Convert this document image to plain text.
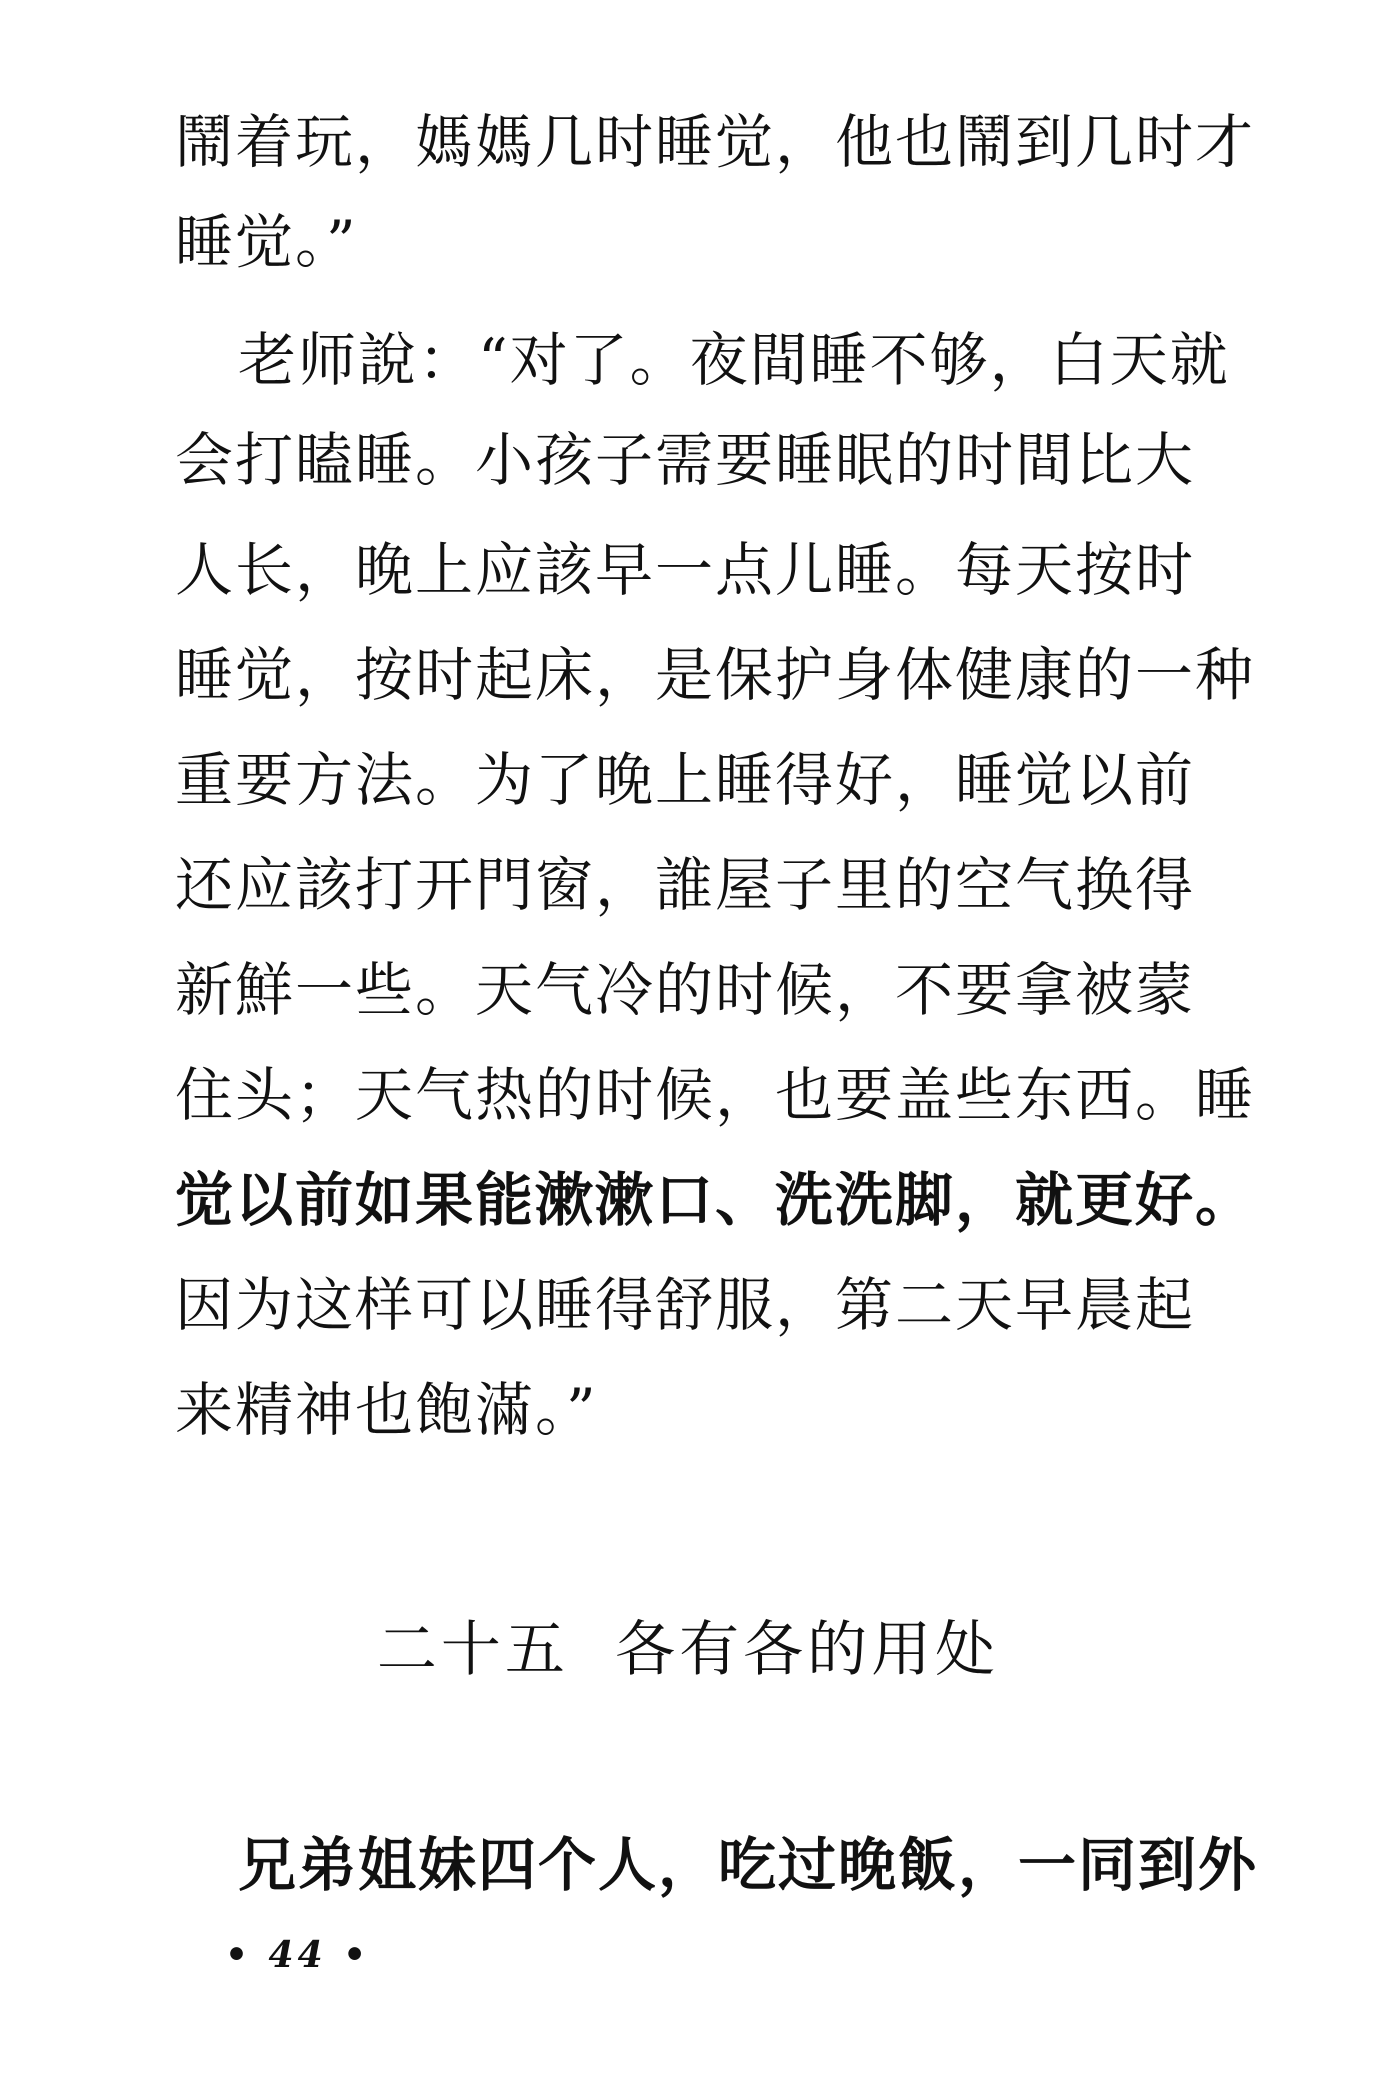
鬧着玩，媽媽几时睡觉，他也鬧到几时才
睡觉。”
老师說：“对了。夜間睡不够，白天就
会打瞌睡。小孩子需要睡眠的时間比大
人长，晚上应該早一点儿睡。每天按时
睡觉，按时起床，是保护身体健康的一种
重要方法。为了晚上睡得好，睡觉以前
还应該打开門窗，誰屋子里的空气换得
新鮮一些。天气冷的时候，不要拿被蒙
住头；天气热的时候，也要盖些东西。睡
觉以前如果能漱漱口、洗洗脚，就更好。
因为这样可以睡得舒服，第二天早晨起
来精神也飽滿。”
二十五  各有各的用处
兄弟姐妹四个人，吃过晚飯，一同到外
• 44 •
